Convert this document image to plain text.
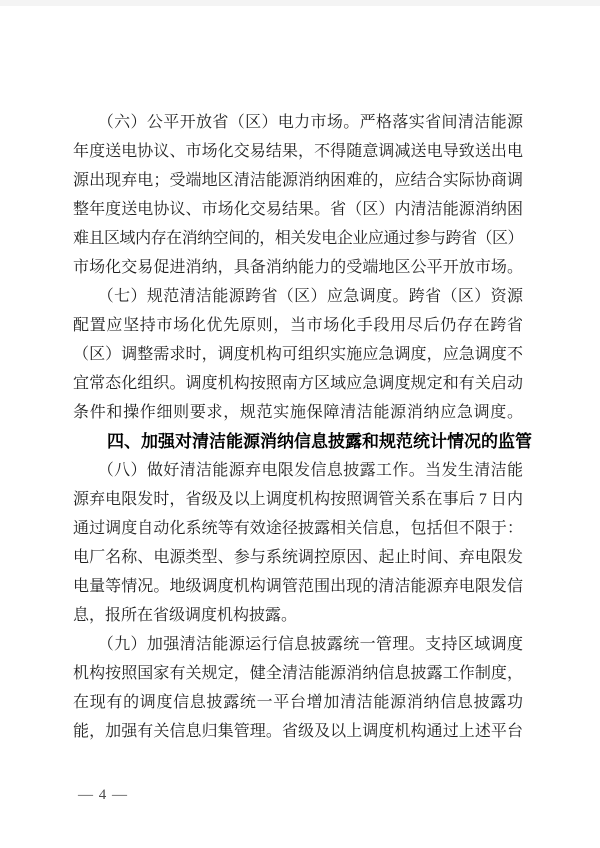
　　（六）公平开放省（区）电力市场。严格落实省间清洁能源
年度送电协议、市场化交易结果，不得随意调减送电导致送出电
源出现弃电；受端地区清洁能源消纳困难的，应结合实际协商调
整年度送电协议、市场化交易结果。省（区）内清洁能源消纳困
难且区域内存在消纳空间的，相关发电企业应通过参与跨省（区）
市场化交易促进消纳，具备消纳能力的受端地区公平开放市场。
　　（七）规范清洁能源跨省（区）应急调度。跨省（区）资源
配置应坚持市场化优先原则，当市场化手段用尽后仍存在跨省
（区）调整需求时，调度机构可组织实施应急调度，应急调度不
宜常态化组织。调度机构按照南方区域应急调度规定和有关启动
条件和操作细则要求，规范实施保障清洁能源消纳应急调度。
　　四、加强对清洁能源消纳信息披露和规范统计情况的监管
　　（八）做好清洁能源弃电限发信息披露工作。当发生清洁能
源弃电限发时，省级及以上调度机构按照调管关系在事后 7 日内
通过调度自动化系统等有效途径披露相关信息，包括但不限于：
电厂名称、电源类型、参与系统调控原因、起止时间、弃电限发
电量等情况。地级调度机构调管范围出现的清洁能源弃电限发信
息，报所在省级调度机构披露。
　　（九）加强清洁能源运行信息披露统一管理。支持区域调度
机构按照国家有关规定，健全清洁能源消纳信息披露工作制度，
在现有的调度信息披露统一平台增加清洁能源消纳信息披露功
能，加强有关信息归集管理。省级及以上调度机构通过上述平台
— 4 —
